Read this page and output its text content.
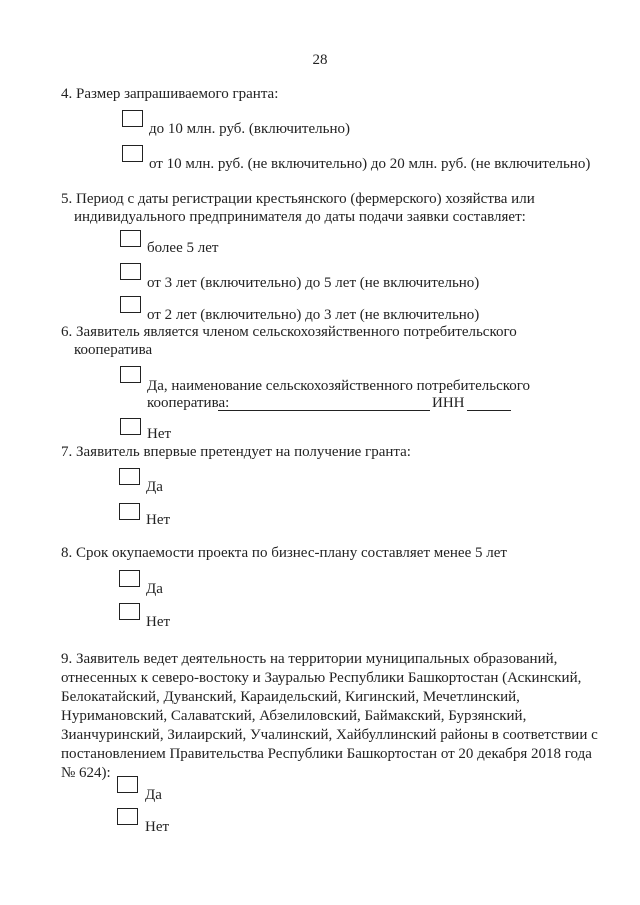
28
4. Размер запрашиваемого гранта:
до 10 млн. руб. (включительно)
от 10 млн. руб. (не включительно) до 20 млн. руб. (не включительно)
5. Период с даты регистрации крестьянского (фермерского) хозяйства или
индивидуального предпринимателя до даты подачи заявки составляет:
более 5 лет
от 3 лет (включительно) до 5 лет (не включительно)
от 2 лет (включительно) до 3 лет (не включительно)
6. Заявитель является членом сельскохозяйственного потребительского
кооператива
Да, наименование сельскохозяйственного потребительского
кооператива:	ИНН
Нет
7. Заявитель впервые претендует на получение гранта:
Да
Нет
8. Срок окупаемости проекта по бизнес-плану составляет менее 5 лет
Да
Нет
9. Заявитель ведет деятельность на территории муниципальных образований,
отнесенных к северо-востоку и Зауралью Республики Башкортостан (Аскинский,
Белокатайский, Дуванский, Караидельский, Кигинский, Мечетлинский,
Нуримановский, Салаватский, Абзелиловский, Баймакский, Бурзянский,
Зианчуринский, Зилаирский, Учалинский, Хайбуллинский районы в соответствии с
постановлением Правительства Республики Башкортостан от 20 декабря 2018 года
№ 624):
Да
Нет
